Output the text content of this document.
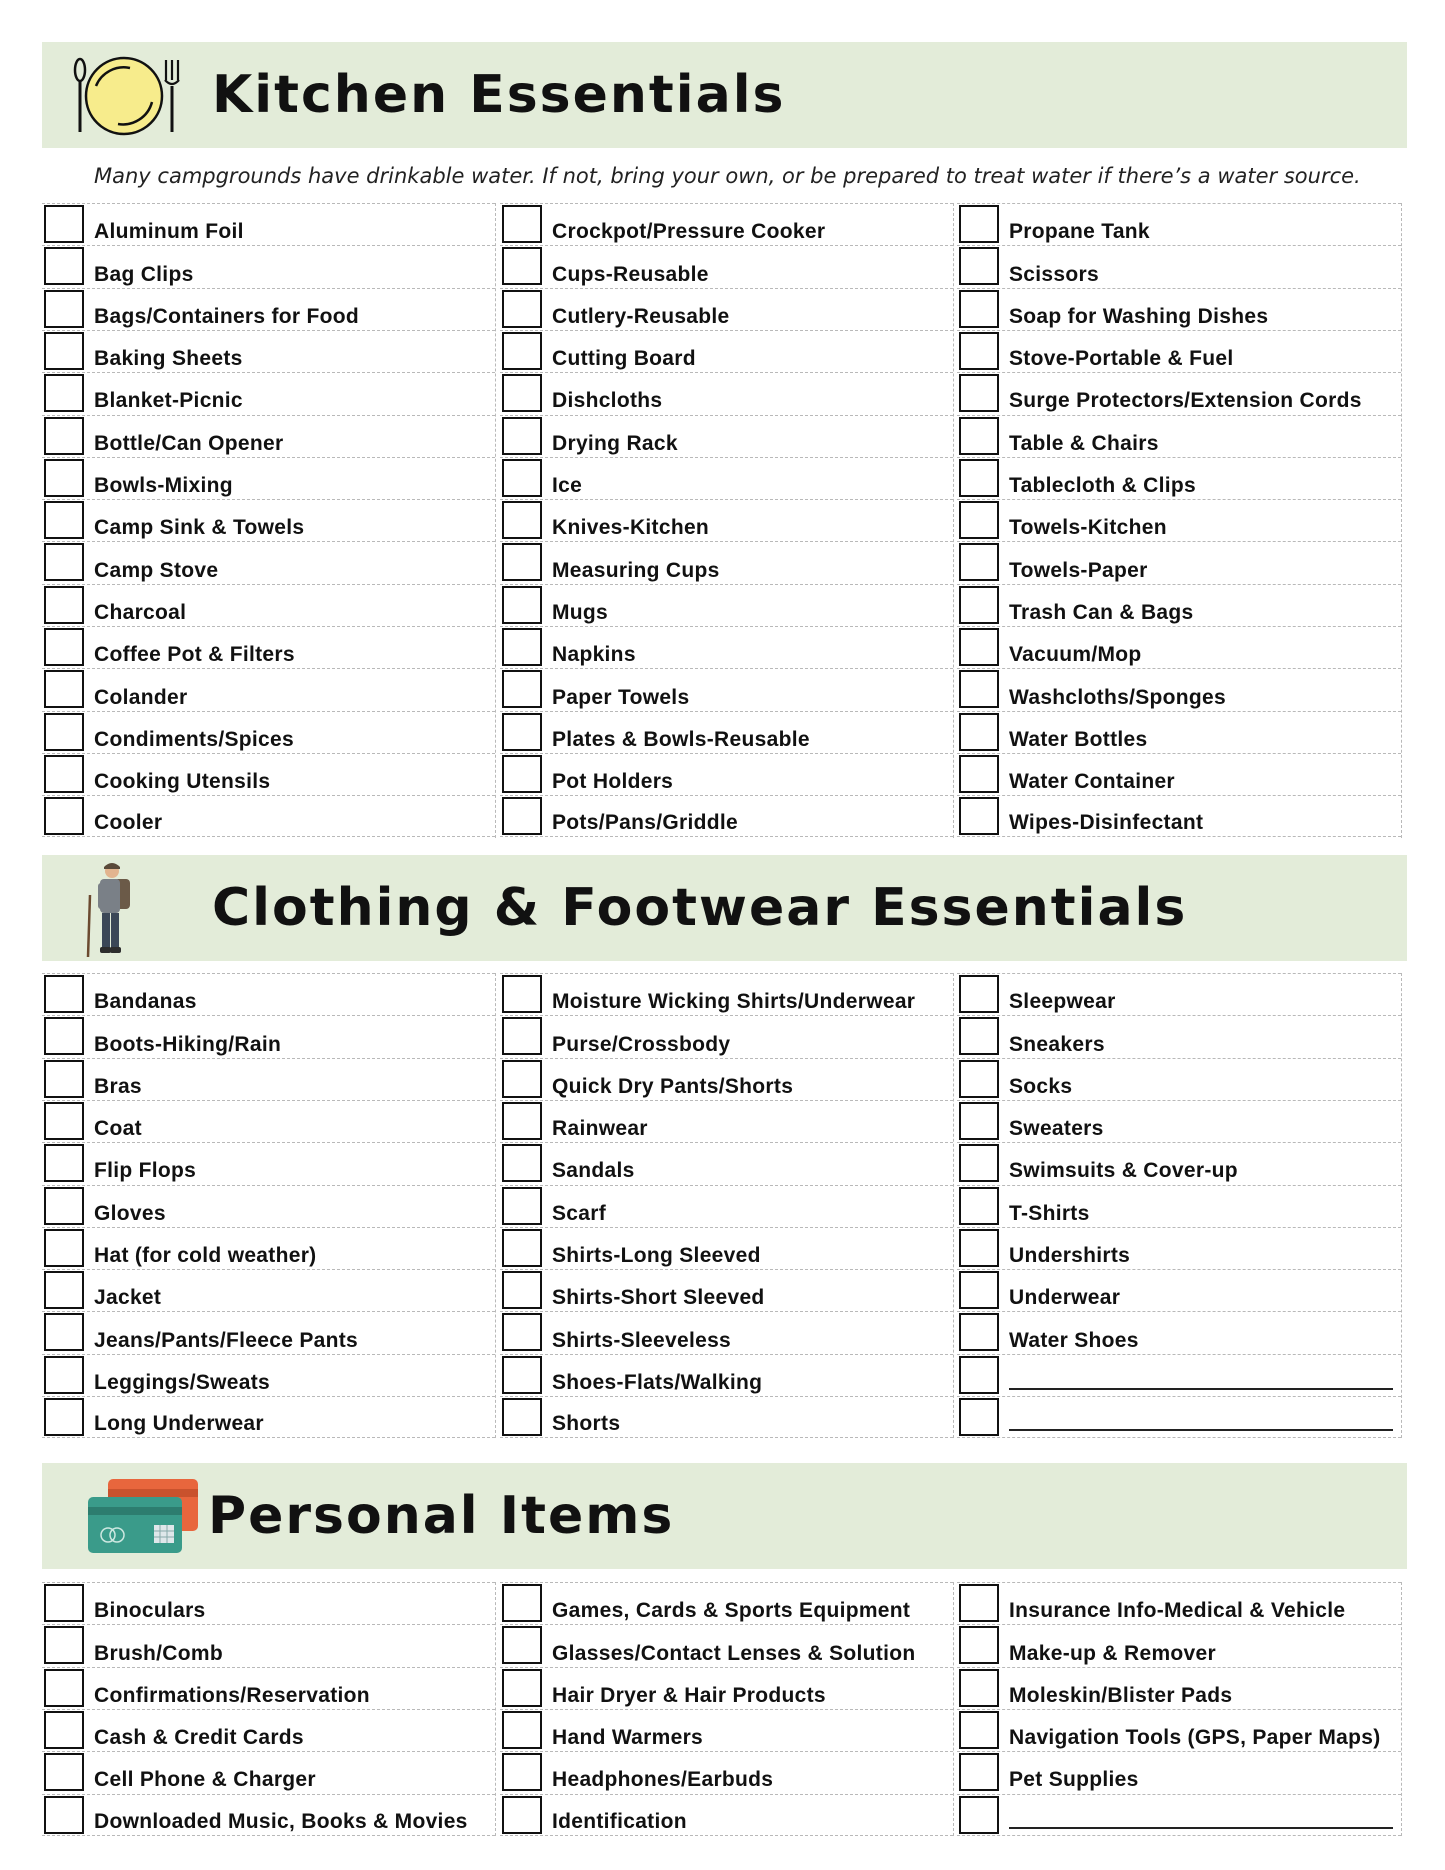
Kitchen Essentials
Many campgrounds have drinkable water. If not, bring your own, or be prepared to treat water if there’s a water source.
Aluminum Foil
Bag Clips
Bags/Containers for Food
Baking Sheets
Blanket-Picnic
Bottle/Can Opener
Bowls-Mixing
Camp Sink & Towels
Camp Stove
Charcoal
Coffee Pot & Filters
Colander
Condiments/Spices
Cooking Utensils
Cooler
Crockpot/Pressure Cooker
Cups-Reusable
Cutlery-Reusable
Cutting Board
Dishcloths
Drying Rack
Ice
Knives-Kitchen
Measuring Cups
Mugs
Napkins
Paper Towels
Plates & Bowls-Reusable
Pot Holders
Pots/Pans/Griddle
Propane Tank
Scissors
Soap for Washing Dishes
Stove-Portable & Fuel
Surge Protectors/Extension Cords
Table & Chairs
Tablecloth & Clips
Towels-Kitchen
Towels-Paper
Trash Can & Bags
Vacuum/Mop
Washcloths/Sponges
Water Bottles
Water Container
Wipes-Disinfectant
Clothing & Footwear Essentials
Bandanas
Boots-Hiking/Rain
Bras
Coat
Flip Flops
Gloves
Hat (for cold weather)
Jacket
Jeans/Pants/Fleece Pants
Leggings/Sweats
Long Underwear
Moisture Wicking Shirts/Underwear
Purse/Crossbody
Quick Dry Pants/Shorts
Rainwear
Sandals
Scarf
Shirts-Long Sleeved
Shirts-Short Sleeved
Shirts-Sleeveless
Shoes-Flats/Walking
Shorts
Sleepwear
Sneakers
Socks
Sweaters
Swimsuits & Cover-up
T-Shirts
Undershirts
Underwear
Water Shoes
Personal Items
Binoculars
Brush/Comb
Confirmations/Reservation
Cash & Credit Cards
Cell Phone & Charger
Downloaded Music, Books & Movies
Games, Cards & Sports Equipment
Glasses/Contact Lenses & Solution
Hair Dryer & Hair Products
Hand Warmers
Headphones/Earbuds
Identification
Insurance Info-Medical & Vehicle
Make-up & Remover
Moleskin/Blister Pads
Navigation Tools (GPS, Paper Maps)
Pet Supplies
